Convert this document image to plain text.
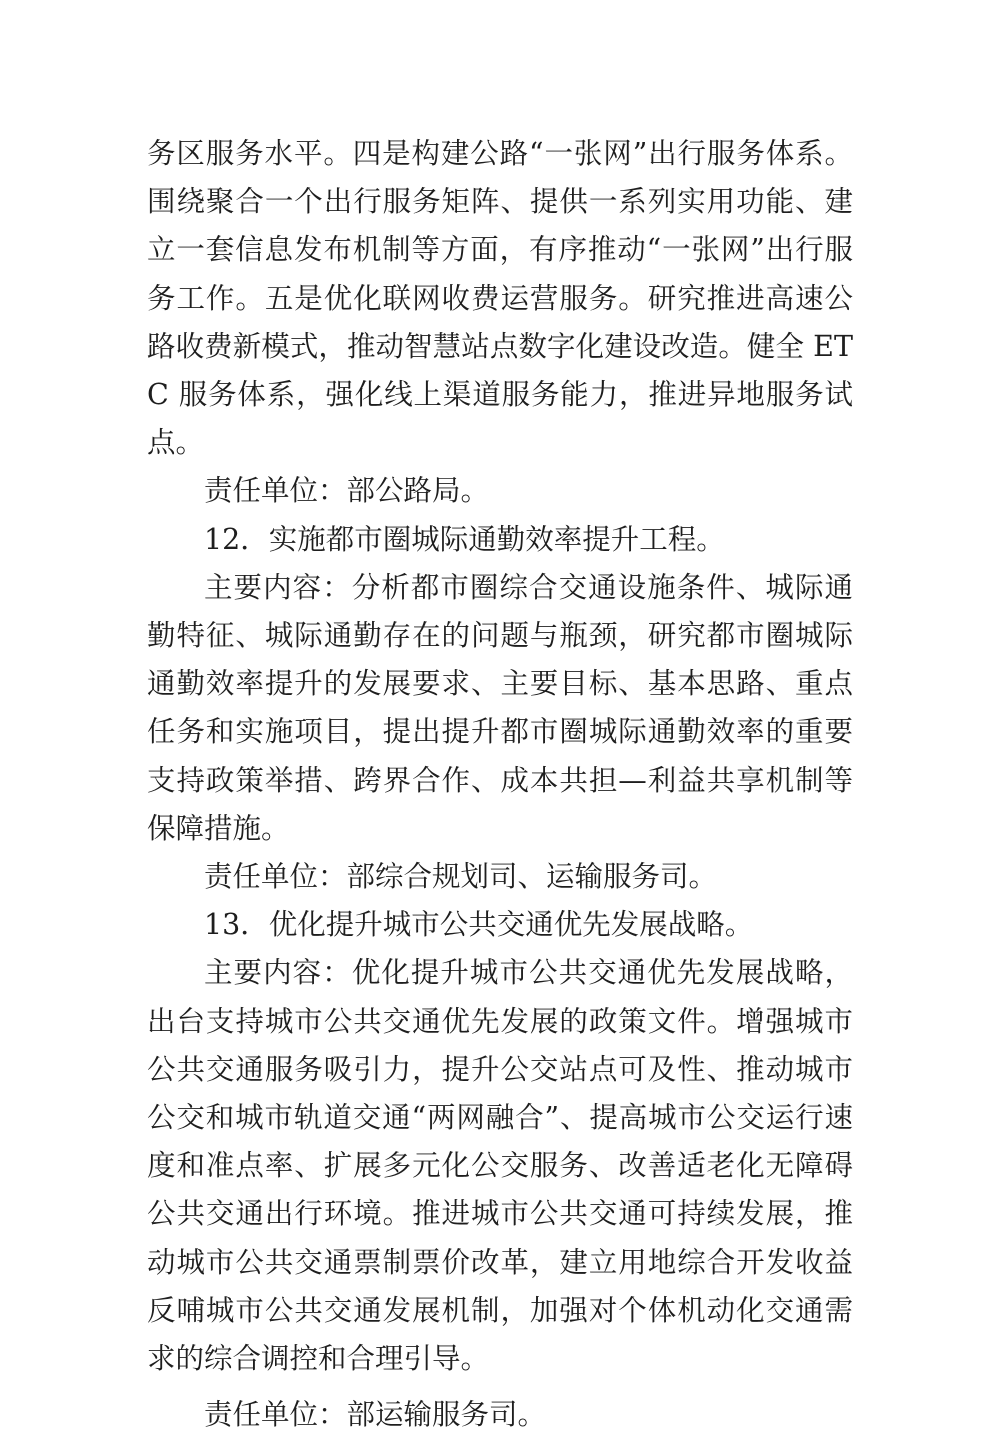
务区服务水平。四是构建公路“一张网”出行服务体系。围绕聚合一个出行服务矩阵、提供一系列实用功能、建立一套信息发布机制等方面，有序推动“一张网”出行服务工作。五是优化联网收费运营服务。研究推进高速公路收费新模式，推动智慧站点数字化建设改造。健全 ETC 服务体系，强化线上渠道服务能力，推进异地服务试点。

责任单位：部公路局。

12．实施都市圈城际通勤效率提升工程。

主要内容：分析都市圈综合交通设施条件、城际通勤特征、城际通勤存在的问题与瓶颈，研究都市圈城际通勤效率提升的发展要求、主要目标、基本思路、重点任务和实施项目，提出提升都市圈城际通勤效率的重要支持政策举措、跨界合作、成本共担—利益共享机制等保障措施。

责任单位：部综合规划司、运输服务司。

13．优化提升城市公共交通优先发展战略。

主要内容：优化提升城市公共交通优先发展战略，出台支持城市公共交通优先发展的政策文件。增强城市公共交通服务吸引力，提升公交站点可及性、推动城市公交和城市轨道交通“两网融合”、提高城市公交运行速度和准点率、扩展多元化公交服务、改善适老化无障碍公共交通出行环境。推进城市公共交通可持续发展，推动城市公共交通票制票价改革，建立用地综合开发收益反哺城市公共交通发展机制，加强对个体机动化交通需求的综合调控和合理引导。

责任单位：部运输服务司。
